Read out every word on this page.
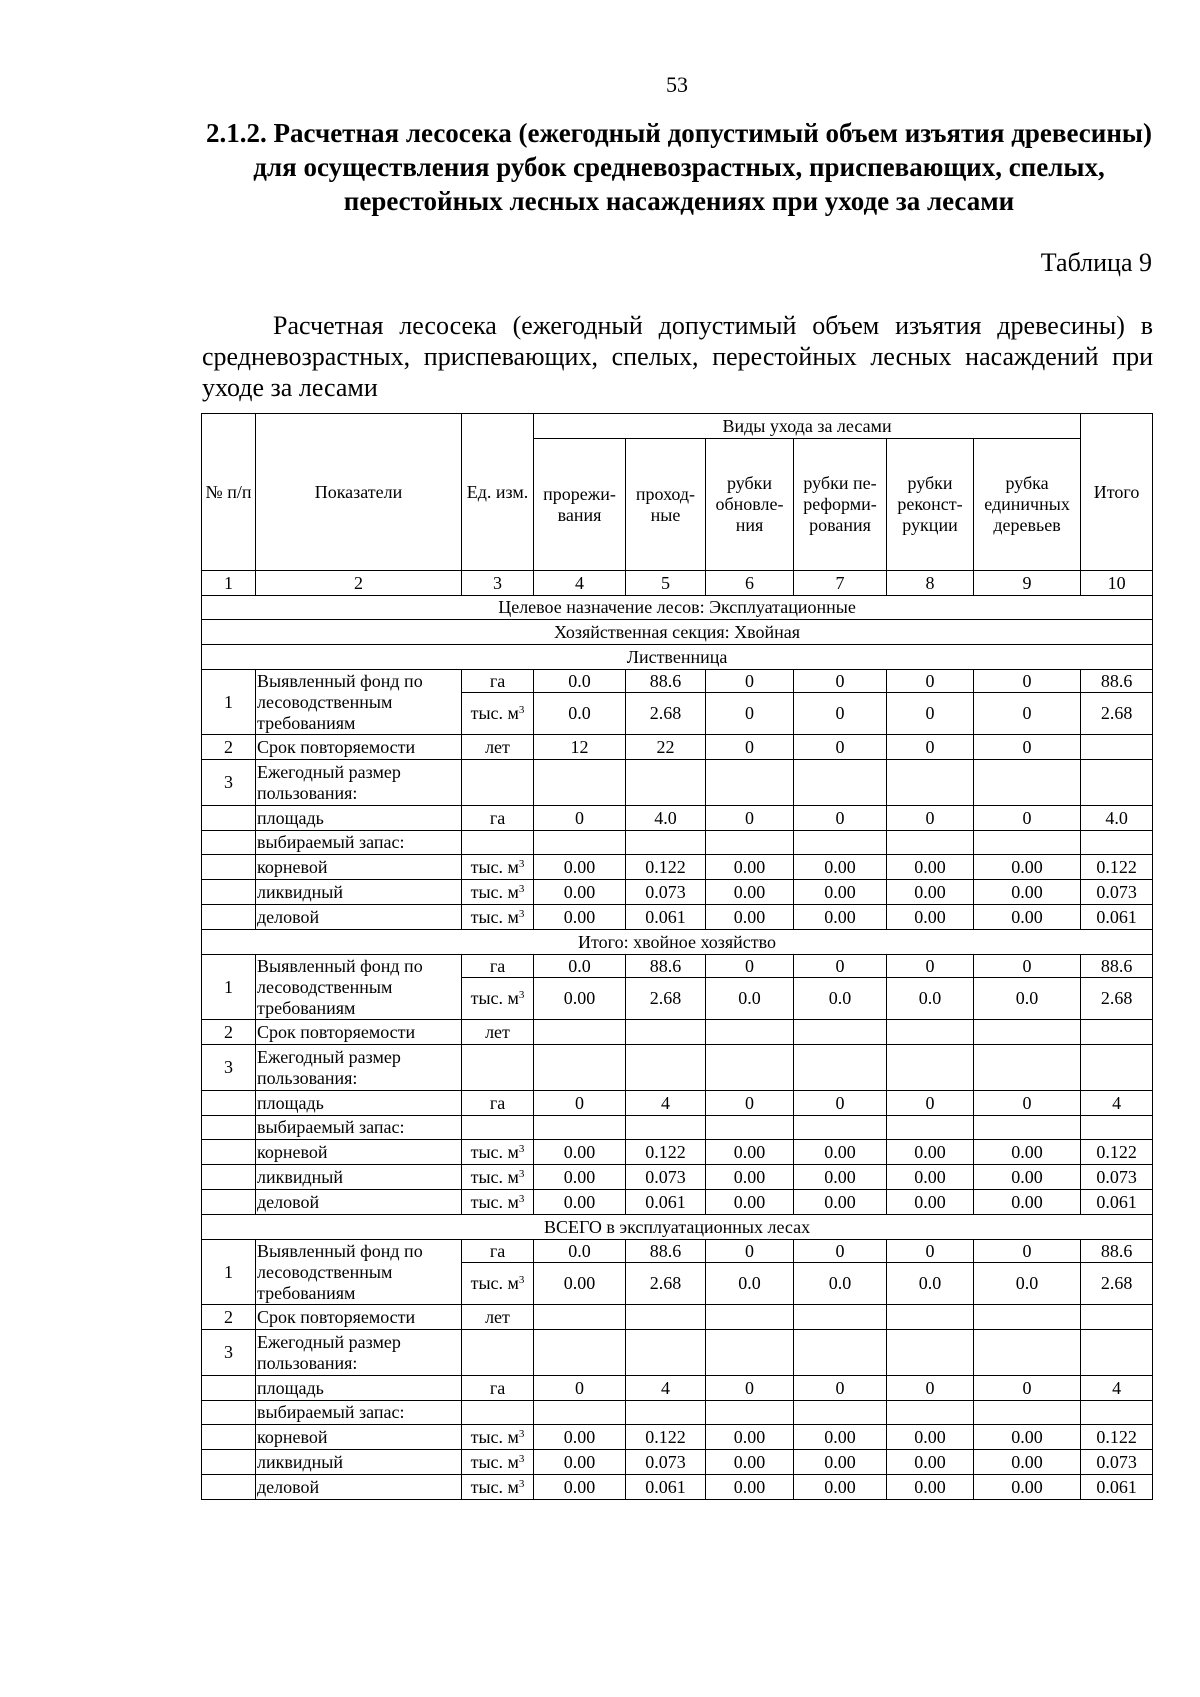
53
2.1.2. Расчетная лесосека (ежегодный допустимый объем изъятия древесины) для осуществления рубок средневозрастных, приспевающих, спелых, перестойных лесных насаждениях при уходе за лесами
Таблица 9
Расчетная лесосека (ежегодный допустимый объем изъятия древесины) в средневозрастных, приспевающих, спелых, перестойных лесных насаждений при уходе за лесами
№ п/п	Показатели	Ед. изм.	Виды ухода за лесами						Итого
			прорежи-вания	проход-ные	рубки обновле-ния	рубки пе-реформи-рования	рубки реконст-рукции	рубка единичных деревьев	
1	2	3	4	5	6	7	8	9	10
Целевое назначение лесов: Эксплуатационные									
Хозяйственная секция: Хвойная									
Лиственница									
1	Выявленный фонд по лесоводственным требованиям	га	0.0	88.6	0	0	0	0	88.6
		тыс. $м^3$	0.0	2.68	0	0	0	0	2.68
2	Срок повторяемости	лет	12	22	0	0	0	0	
3	Ежегодный размер пользования:								
	площадь	га	0	4.0	0	0	0	0	4.0
	выбираемый запас:								
	корневой	тыс. $м^3$	0.00	0.122	0.00	0.00	0.00	0.00	0.122
	ликвидный	тыс. $м^3$	0.00	0.073	0.00	0.00	0.00	0.00	0.073
	деловой	тыс. $м^3$	0.00	0.061	0.00	0.00	0.00	0.00	0.061
Итого: хвойное хозяйство									
1	Выявленный фонд по лесоводственным требованиям	га	0.0	88.6	0	0	0	0	88.6
		тыс. $м^3$	0.00	2.68	0.0	0.0	0.0	0.0	2.68
2	Срок повторяемости	лет							
3	Ежегодный размер пользования:								
	площадь	га	0	4	0	0	0	0	4
	выбираемый запас:								
	корневой	тыс. $м^3$	0.00	0.122	0.00	0.00	0.00	0.00	0.122
	ликвидный	тыс. $м^3$	0.00	0.073	0.00	0.00	0.00	0.00	0.073
	деловой	тыс. $м^3$	0.00	0.061	0.00	0.00	0.00	0.00	0.061
ВСЕГО в эксплуатационных лесах									
1	Выявленный фонд по лесоводственным требованиям	га	0.0	88.6	0	0	0	0	88.6
		тыс. $м^3$	0.00	2.68	0.0	0.0	0.0	0.0	2.68
2	Срок повторяемости	лет							
3	Ежегодный размер пользования:								
	площадь	га	0	4	0	0	0	0	4
	выбираемый запас:								
	корневой	тыс. $м^3$	0.00	0.122	0.00	0.00	0.00	0.00	0.122
	ликвидный	тыс. $м^3$	0.00	0.073	0.00	0.00	0.00	0.00	0.073
	деловой	тыс. $м^3$	0.00	0.061	0.00	0.00	0.00	0.00	0.061
